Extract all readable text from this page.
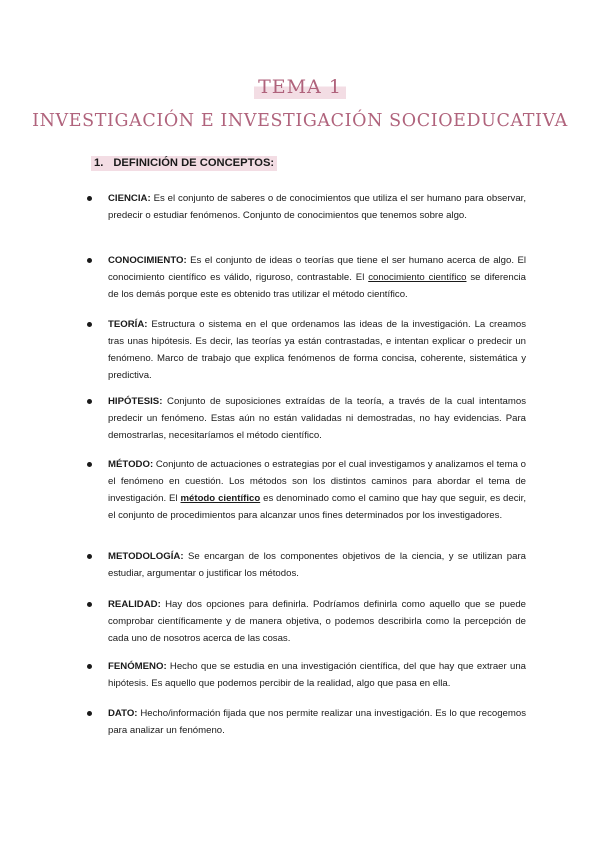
TEMA 1
INVESTIGACIÓN E INVESTIGACIÓN SOCIOEDUCATIVA
1. DEFINICIÓN DE CONCEPTOS:
CIENCIA: Es el conjunto de saberes o de conocimientos que utiliza el ser humano para observar, predecir o estudiar fenómenos. Conjunto de conocimientos que tenemos sobre algo.
CONOCIMIENTO: Es el conjunto de ideas o teorías que tiene el ser humano acerca de algo. El conocimiento científico es válido, riguroso, contrastable. El conocimiento científico se diferencia de los demás porque este es obtenido tras utilizar el método científico.
TEORÍA: Estructura o sistema en el que ordenamos las ideas de la investigación. La creamos tras unas hipótesis. Es decir, las teorías ya están contrastadas, e intentan explicar o predecir un fenómeno. Marco de trabajo que explica fenómenos de forma concisa, coherente, sistemática y predictiva.
HIPÓTESIS: Conjunto de suposiciones extraídas de la teoría, a través de la cual intentamos predecir un fenómeno. Estas aún no están validadas ni demostradas, no hay evidencias. Para demostrarlas, necesitaríamos el método científico.
MÉTODO: Conjunto de actuaciones o estrategias por el cual investigamos y analizamos el tema o el fenómeno en cuestión. Los métodos son los distintos caminos para abordar el tema de investigación. El método científico es denominado como el camino que hay que seguir, es decir, el conjunto de procedimientos para alcanzar unos fines determinados por los investigadores.
METODOLOGÍA: Se encargan de los componentes objetivos de la ciencia, y se utilizan para estudiar, argumentar o justificar los métodos.
REALIDAD: Hay dos opciones para definirla. Podríamos definirla como aquello que se puede comprobar científicamente y de manera objetiva, o podemos describirla como la percepción de cada uno de nosotros acerca de las cosas.
FENÓMENO: Hecho que se estudia en una investigación científica, del que hay que extraer una hipótesis. Es aquello que podemos percibir de la realidad, algo que pasa en ella.
DATO: Hecho/información fijada que nos permite realizar una investigación. Es lo que recogemos para analizar un fenómeno.
